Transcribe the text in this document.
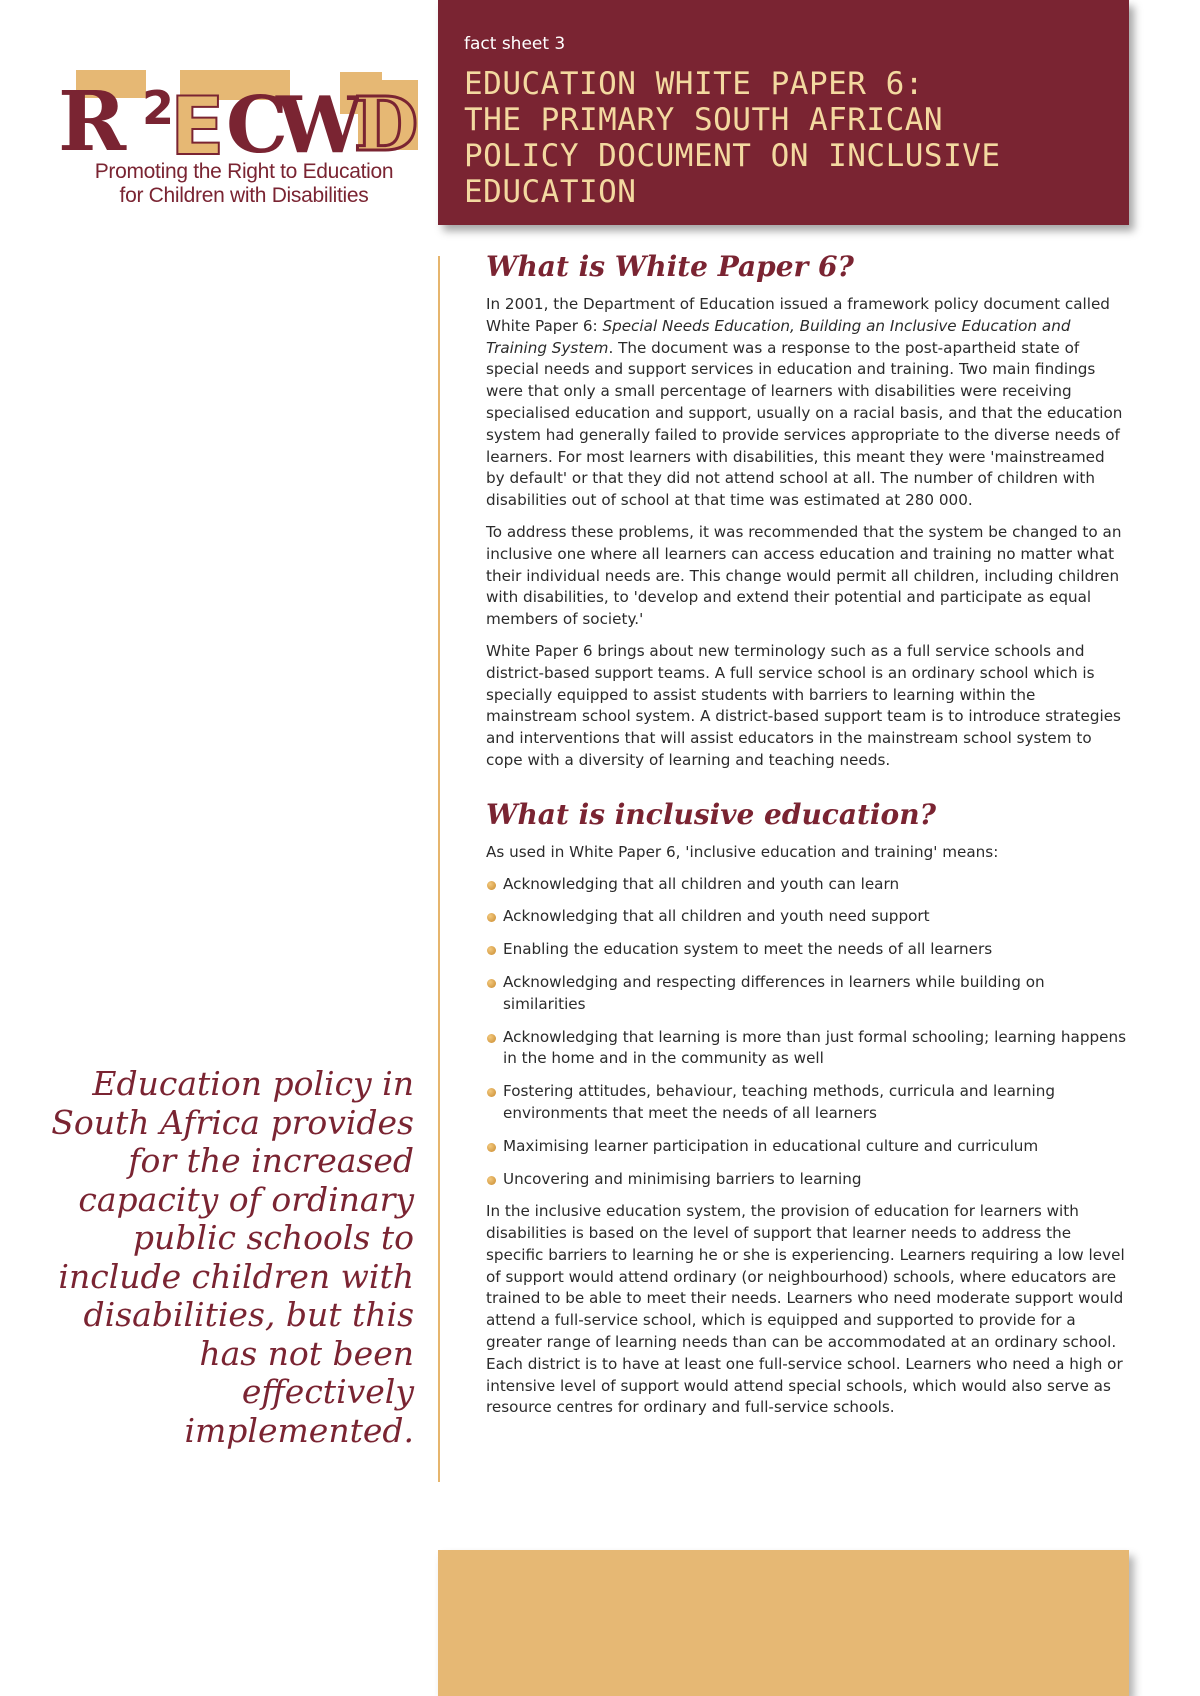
fact sheet 3
EDUCATION WHITE PAPER 6:
THE PRIMARY SOUTH AFRICAN
POLICY DOCUMENT ON INCLUSIVE
EDUCATION
R 2
E C
W
D
Promoting the Right to Education
for Children with Disabilities
What is White Paper 6?

In 2001, the Department of Education issued a framework policy document called White Paper 6: Special Needs Education, Building an Inclusive Education and Training System. The document was a response to the post-apartheid state of special needs and support services in education and training. Two main findings were that only a small percentage of learners with disabilities were receiving specialised education and support, usually on a racial basis, and that the education system had generally failed to provide services appropriate to the diverse needs of learners. For most learners with disabilities, this meant they were 'mainstreamed by default' or that they did not attend school at all. The number of children with disabilities out of school at that time was estimated at 280 000.

To address these problems, it was recommended that the system be changed to an inclusive one where all learners can access education and training no matter what their individual needs are. This change would permit all children, including children with disabilities, to 'develop and extend their potential and participate as equal members of society.'

White Paper 6 brings about new terminology such as a full service schools and district-based support teams. A full service school is an ordinary school which is specially equipped to assist students with barriers to learning within the mainstream school system. A district-based support team is to introduce strategies and interventions that will assist educators in the mainstream school system to cope with a diversity of learning and teaching needs.

What is inclusive education?

As used in White Paper 6, 'inclusive education and training' means:

Acknowledging that all children and youth can learn
Acknowledging that all children and youth need support
Enabling the education system to meet the needs of all learners
Acknowledging and respecting differences in learners while building on similarities
Acknowledging that learning is more than just formal schooling; learning happens in the home and in the community as well
Fostering attitudes, behaviour, teaching methods, curricula and learning environments that meet the needs of all learners
Maximising learner participation in educational culture and curriculum
Uncovering and minimising barriers to learning

In the inclusive education system, the provision of education for learners with disabilities is based on the level of support that learner needs to address the specific barriers to learning he or she is experiencing. Learners requiring a low level of support would attend ordinary (or neighbourhood) schools, where educators are trained to be able to meet their needs. Learners who need moderate support would attend a full-service school, which is equipped and supported to provide for a greater range of learning needs than can be accommodated at an ordinary school. Each district is to have at least one full-service school. Learners who need a high or intensive level of support would attend special schools, which would also serve as resource centres for ordinary and full-service schools.

Education policy in South Africa provides for the increased capacity of ordinary public schools to include children with disabilities, but this has not been effectively implemented.
